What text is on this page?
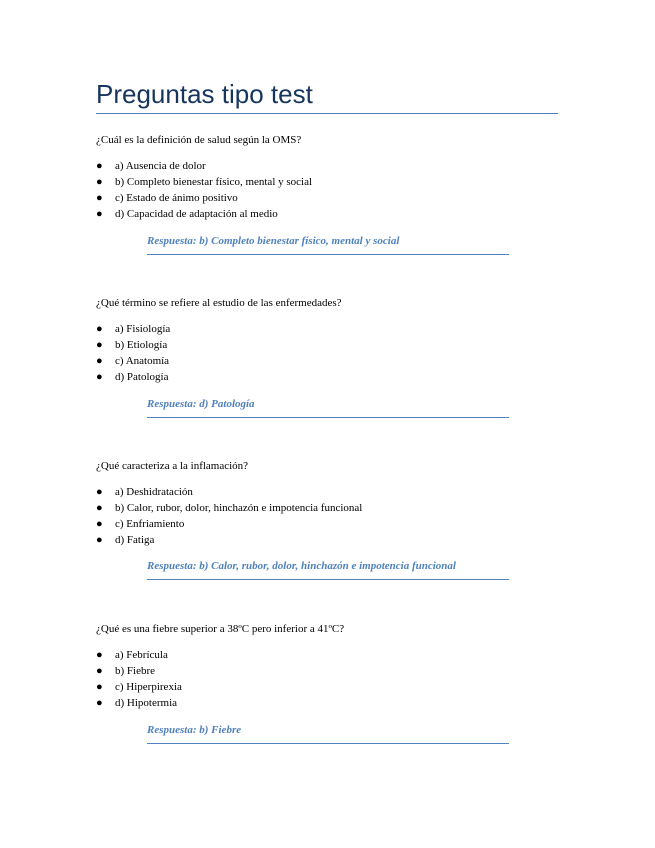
Preguntas tipo test

¿Cuál es la definición de salud según la OMS?

●	a) Ausencia de dolor
●	b) Completo bienestar físico, mental y social
●	c) Estado de ánimo positivo
●	d) Capacidad de adaptación al medio
Respuesta: b) Completo bienestar físico, mental y social

¿Qué término se refiere al estudio de las enfermedades?

●	a) Fisiología
●	b) Etiología
●	c) Anatomía
●	d) Patología
Respuesta: d) Patología

¿Qué caracteriza a la inflamación?

●	a) Deshidratación
●	b) Calor, rubor, dolor, hinchazón e impotencia funcional
●	c) Enfriamiento
●	d) Fatiga
Respuesta: b) Calor, rubor, dolor, hinchazón e impotencia funcional

¿Qué es una fiebre superior a 38ºC pero inferior a 41ºC?

●	a) Febrícula
●	b) Fiebre
●	c) Hiperpirexia
●	d) Hipotermia
Respuesta: b) Fiebre
